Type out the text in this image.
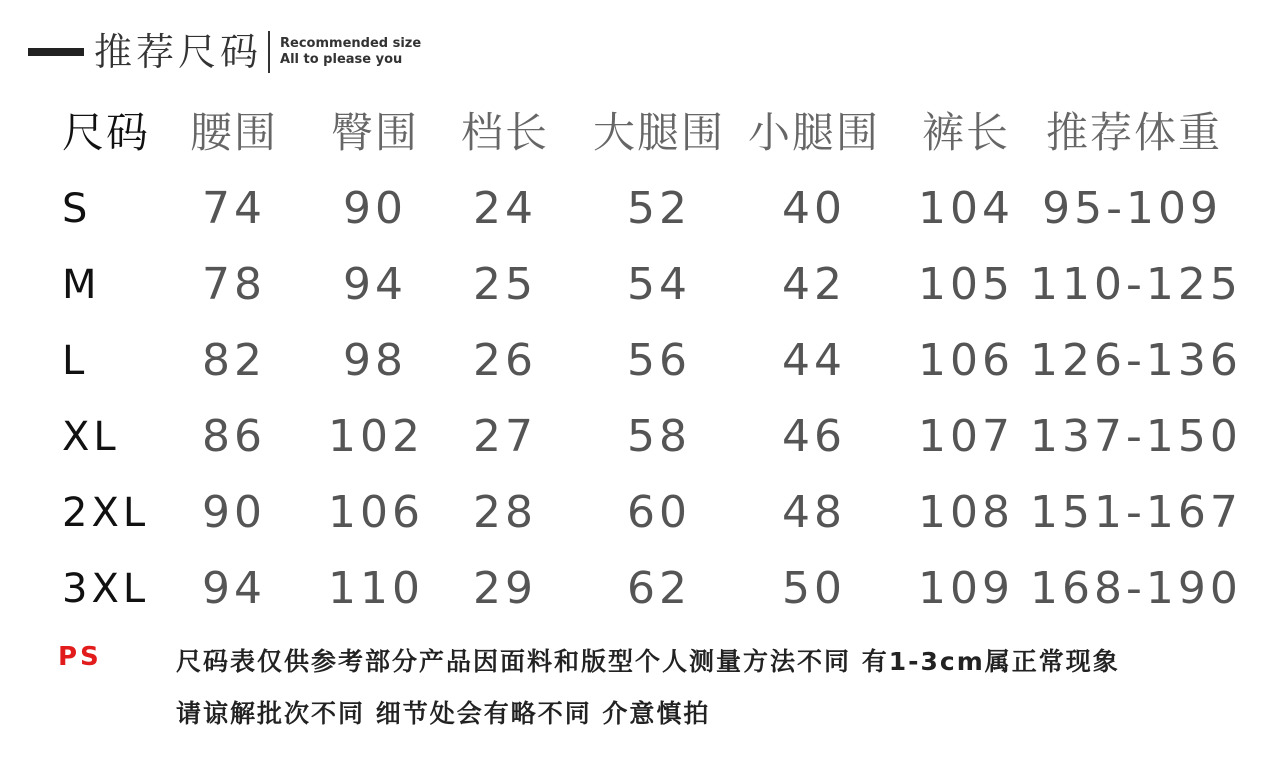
推荐尺码 Recommended size
All to please you
尺码 腰围 臀围 档长 大腿围 小腿围 裤长 推荐体重
S	74	90	24	52	40	104 95-109
M	78	94	25	54	42	105 110-125
L	82	98	26	56	44	106 126-136
XL	86	102	27	58	46	107 137-150
2XL	90	106	28	60	48	108 151-167
3XL	94	110	29	62	50	109 168-190
PS	尺码表仅供参考部分产品因面料和版型个人测量方法不同 有1-3cm属正常现象
请谅解批次不同 细节处会有略不同 介意慎拍
